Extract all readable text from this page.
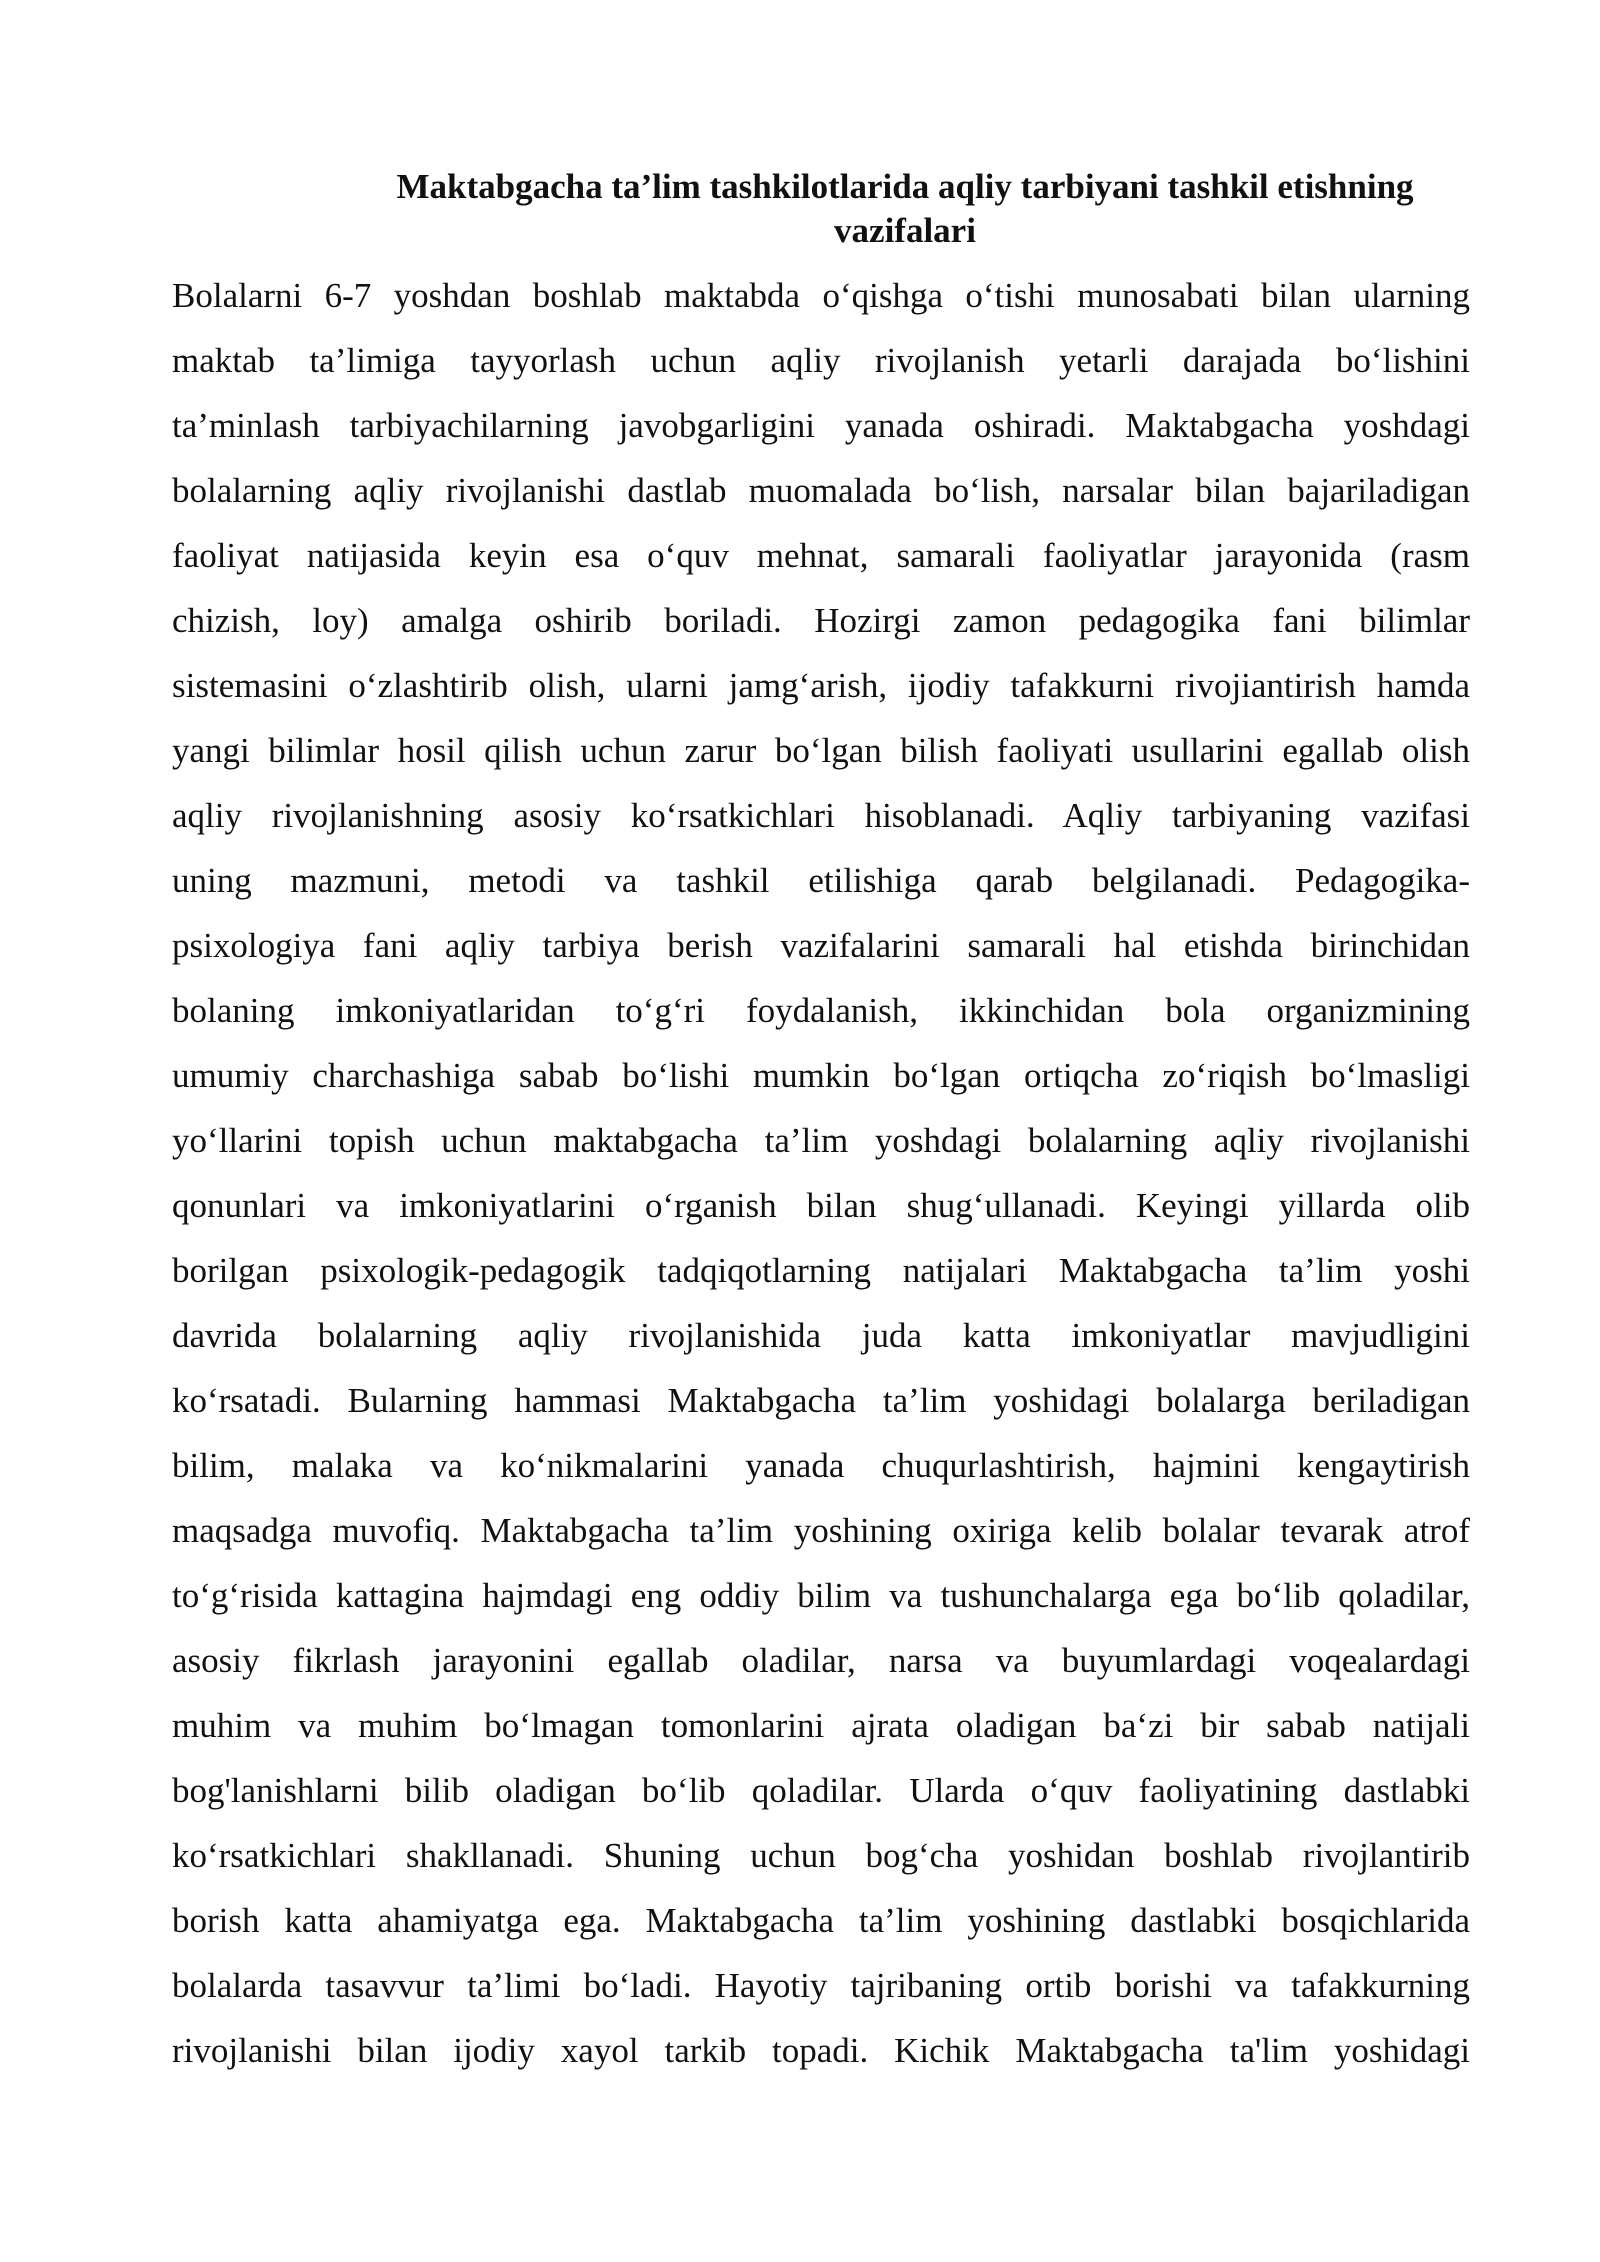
Maktabgacha ta’lim tashkilotlarida aqliy tarbiyani tashkil etishning
vazifalari
Bolalarni 6-7 yoshdan boshlab maktabda o‘qishga o‘tishi munosabati bilan ularning
maktab ta’limiga tayyorlash uchun aqliy rivojlanish yetarli darajada bo‘lishini
ta’minlash tarbiyachilarning javobgarligini yanada oshiradi. Maktabgacha yoshdagi
bolalarning aqliy rivojlanishi dastlab muomalada bo‘lish, narsalar bilan bajariladigan
faoliyat natijasida keyin esa o‘quv mehnat, samarali faoliyatlar jarayonida (rasm
chizish, loy) amalga oshirib boriladi. Hozirgi zamon pedagogika fani bilimlar
sistemasini o‘zlashtirib olish, ularni jamg‘arish, ijodiy tafakkurni rivojiantirish hamda
yangi bilimlar hosil qilish uchun zarur bo‘lgan bilish faoliyati usullarini egallab olish
aqliy rivojlanishning asosiy ko‘rsatkichlari hisoblanadi. Aqliy tarbiyaning vazifasi
uning mazmuni, metodi va tashkil etilishiga qarab belgilanadi. Pedagogika-
psixologiya fani aqliy tarbiya berish vazifalarini samarali hal etishda birinchidan
bolaning imkoniyatlaridan to‘g‘ri foydalanish, ikkinchidan bola organizmining
umumiy charchashiga sabab bo‘lishi mumkin bo‘lgan ortiqcha zo‘riqish bo‘lmasligi
yo‘llarini topish uchun maktabgacha ta’lim yoshdagi bolalarning aqliy rivojlanishi
qonunlari va imkoniyatlarini o‘rganish bilan shug‘ullanadi. Keyingi yillarda olib
borilgan psixologik-pedagogik tadqiqotlarning natijalari Maktabgacha ta’lim yoshi
davrida bolalarning aqliy rivojlanishida juda katta imkoniyatlar mavjudligini
ko‘rsatadi. Bularning hammasi Maktabgacha ta’lim yoshidagi bolalarga beriladigan
bilim, malaka va ko‘nikmalarini yanada chuqurlashtirish, hajmini kengaytirish
maqsadga muvofiq. Maktabgacha ta’lim yoshining oxiriga kelib bolalar tevarak atrof
to‘g‘risida kattagina hajmdagi eng oddiy bilim va tushunchalarga ega bo‘lib qoladilar,
asosiy fikrlash jarayonini egallab oladilar, narsa va buyumlardagi voqealardagi
muhim va muhim bo‘lmagan tomonlarini ajrata oladigan ba‘zi bir sabab natijali
bog'lanishlarni bilib oladigan bo‘lib qoladilar. Ularda o‘quv faoliyatining dastlabki
ko‘rsatkichlari shakllanadi. Shuning uchun bog‘cha yoshidan boshlab rivojlantirib
borish katta ahamiyatga ega. Maktabgacha ta’lim yoshining dastlabki bosqichlarida
bolalarda tasavvur ta’limi bo‘ladi. Hayotiy tajribaning ortib borishi va tafakkurning
rivojlanishi bilan ijodiy xayol tarkib topadi. Kichik Maktabgacha ta'lim yoshidagi
